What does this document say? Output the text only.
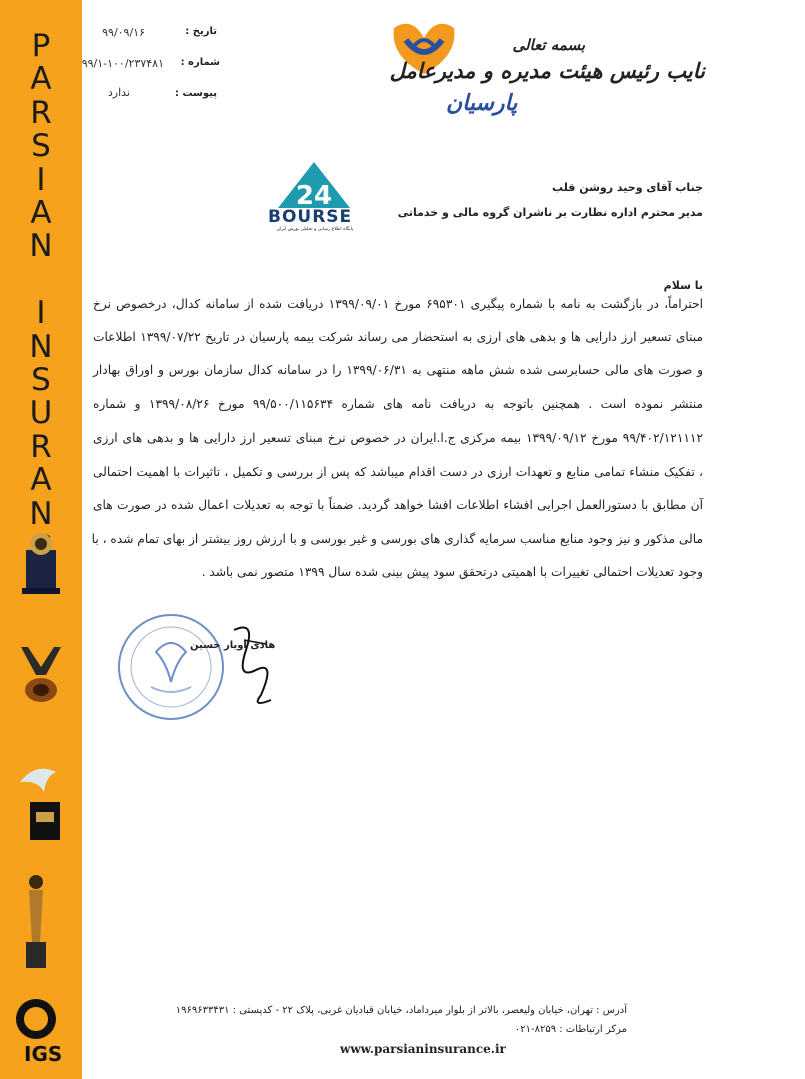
P
A
R
S
I
A
N

I
N
S
U
R
A
N

IGS
تاریخ :
۹۹/۰۹/۱۶
شماره :
۹۹/۱-۱۰۰/۲۳۷۴۸۱
پیوست :
ندارد	پارسیان
بسمه تعالی
نایب رئیس هیئت مدیره و مدیرعامل
24
BOURSE
پایگاه اطلاع رسانی و تحلیلی بورس ایران
جناب آقای وحید روشن قلب
مدیر محترم اداره نظارت بر ناشران گروه مالی و خدماتی
با سلام
احتراماً، در بازگشت به نامه با شماره پیگیری ۶۹۵۳۰۱ مورخ ۱۳۹۹/۰۹/۰۱ دریافت شده از سامانه کدال، درخصوص نرخ
مبنای تسعیر ارز دارایی ها و بدهی های ارزی به استحضار می رساند شرکت بیمه پارسیان در تاریخ ۱۳۹۹/۰۷/۲۲ اطلاعات
و صورت های مالی حسابرسی شده شش ماهه منتهی به ۱۳۹۹/۰۶/۳۱ را در سامانه کدال سازمان بورس و اوراق بهادار
منتشر نموده است . همچنین باتوجه به دریافت نامه های شماره ۹۹/۵۰۰/۱۱۵۶۳۴ مورخ ۱۳۹۹/۰۸/۲۶ و شماره
۹۹/۴۰۲/۱۲۱۱۱۲ مورخ ۱۳۹۹/۰۹/۱۲ بیمه مرکزی ج.ا.ایران در خصوص نرخ مبنای تسعیر ارز دارایی ها و بدهی های ارزی
، تفکیک منشاء تمامی منابع و تعهدات ارزی در دست اقدام میباشد که پس از بررسی و تکمیل ، تاثیرات با اهمیت احتمالی
آن مطابق با دستورالعمل اجرایی افشاء اطلاعات افشا خواهد گردید. ضمناً با توجه به تعدیلات اعمال شده در صورت های
مالی مذکور و نیز وجود منابع مناسب سرمایه گذاری های بورسی و غیر بورسی و با ارزش روز بیشتر از بهای تمام شده ، با
وجود تعدیلات احتمالی تغییرات با اهمیتی درتحقق سود پیش بینی شده سال ۱۳۹۹ متصور نمی باشد .
هادی اویار حسین
آدرس : تهران، خیابان ولیعصر، بالاتر از بلوار میرداماد، خیابان قبادیان غربی، پلاک ۲۲ - کدپستی : ۱۹۶۹۶۳۳۴۳۱
مرکز ارتباطات : ۸۲۵۹-۰۲۱
www.parsianinsurance.ir
